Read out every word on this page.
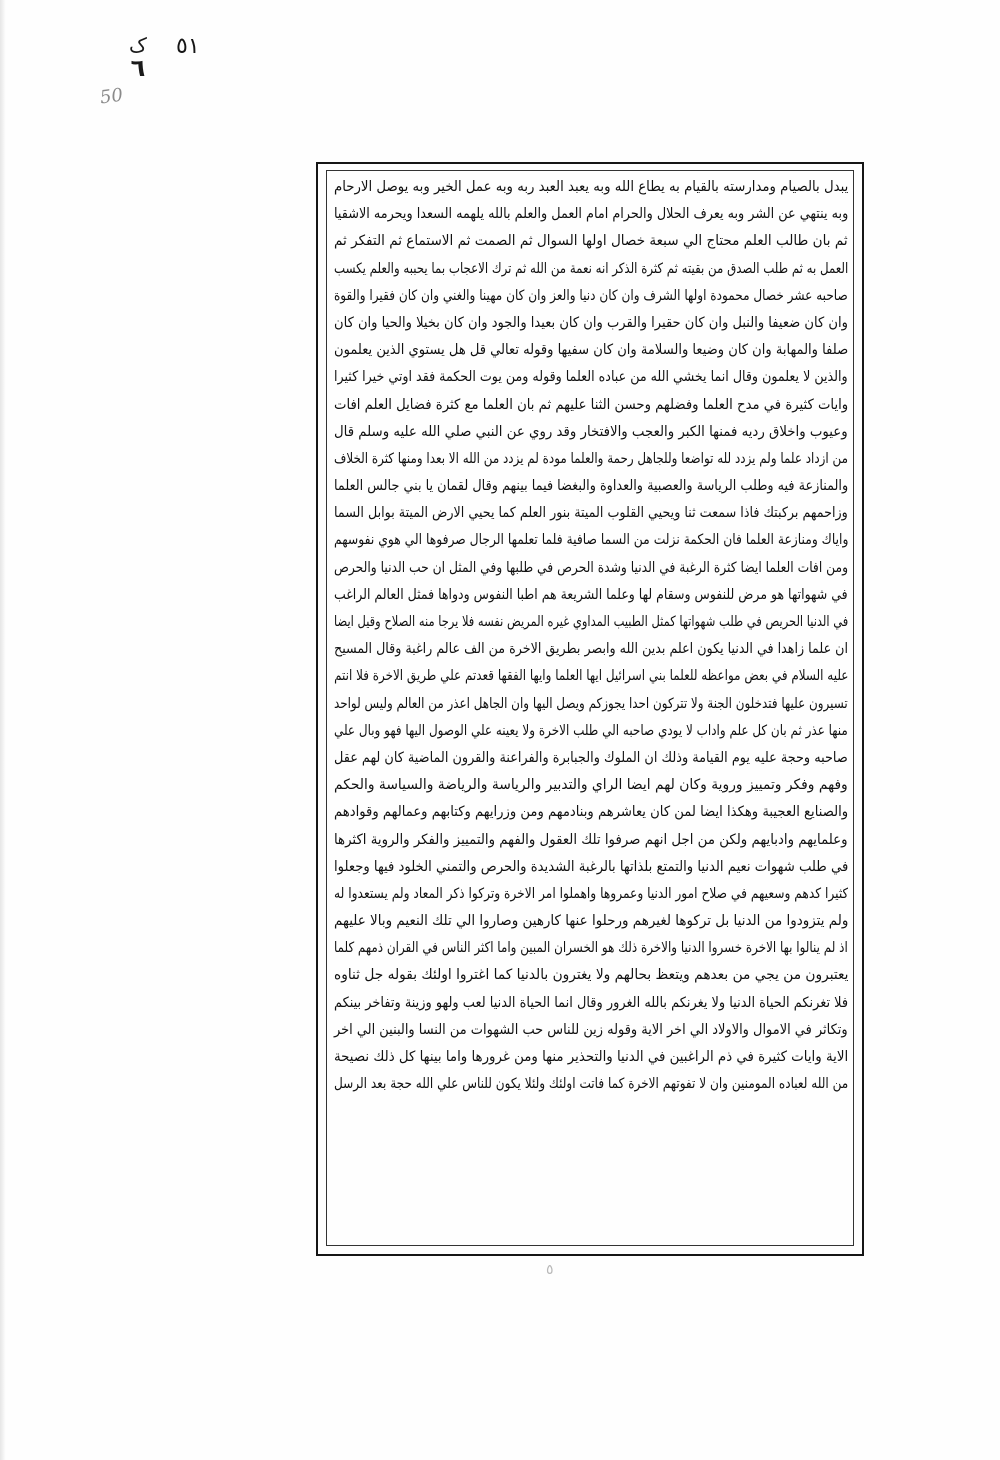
٥١
ک
٦
50
يبدل بالصيام ومدارسته بالقيام به يطاع الله وبه يعبد العبد ربه وبه عمل الخير وبه يوصل الارحام
وبه ينتهي عن الشر وبه يعرف الحلال والحرام امام العمل والعلم بالله يلهمه السعدا ويحرمه الاشقيا
ثم بان طالب العلم محتاج الي سبعة خصال اولها السوال ثم الصمت ثم الاستماع ثم التفكر ثم
العمل به ثم طلب الصدق من بقيته ثم كثرة الذكر انه نعمة من الله ثم ترك الاعجاب بما يحببه والعلم يكسب
صاحبه عشر خصال محمودة اولها الشرف وان كان دنيا والعز وان كان مهينا والغني وان كان فقيرا والقوة
وان كان ضعيفا والنبل وان كان حقيرا والقرب وان كان بعيدا والجود وان كان بخيلا والحيا وان كان
صلفا والمهابة وان كان وضيعا والسلامة وان كان سفيها وقوله تعالي قل هل يستوي الذين يعلمون
والذين لا يعلمون وقال انما يخشي الله من عباده العلما وقوله ومن يوت الحكمة فقد اوتي خيرا كثيرا
وايات كثيرة في مدح العلما وفضلهم وحسن الثنا عليهم ثم بان العلما مع كثرة فضايل العلم افات
وعيوب واخلاق رديه فمنها الكبر والعجب والافتخار وقد روي عن النبي صلي الله عليه وسلم قال
من ازداد علما ولم يزدد لله تواضعا وللجاهل رحمة والعلما مودة لم يزدد من الله الا بعدا ومنها كثرة الخلاف
والمنازعة فيه وطلب الرياسة والعصبية والعداوة والبغضا فيما بينهم وقال لقمان يا بني جالس العلما
وزاحمهم بركبتك فاذا سمعت ثنا ويحيي القلوب الميتة بنور العلم كما يحيي الارض الميتة بوابل السما
واياك ومنازعة العلما فان الحكمة نزلت من السما صافية فلما تعلمها الرجال صرفوها الي هوي نفوسهم
ومن افات العلما ايضا كثرة الرغبة في الدنيا وشدة الحرص في طلبها وفي المثل ان حب الدنيا والحرص
في شهواتها هو مرض للنفوس وسقام لها وعلما الشريعة هم اطبا النفوس ودواها فمثل العالم الراغب
في الدنيا الحريص في طلب شهواتها كمثل الطبيب المداوي غيره المريض نفسه فلا يرجا منه الصلاح وقيل ايضا
ان علما زاهدا في الدنيا يكون اعلم بدين الله وابصر بطريق الاخرة من الف عالم راغبة وقال المسيح
عليه السلام في بعض مواعظه للعلما بني اسرائيل ايها العلما وايها الفقها قعدتم علي طريق الاخرة فلا انتم
تسيرون عليها فتدخلون الجنة ولا تتركون احدا يجوزكم ويصل اليها وان الجاهل اعذر من العالم وليس لواحد
منها عذر ثم بان كل علم واداب لا يودي صاحبه الي طلب الاخرة ولا يعينه علي الوصول اليها فهو وبال علي
صاحبه وحجة عليه يوم القيامة وذلك ان الملوك والجبابرة والفراعنة والقرون الماضية كان لهم عقل
وفهم وفكر وتمييز وروية وكان لهم ايضا الراي والتدبير والرياسة والرياضة والسياسة والحكم
والصنايع العجيبة وهكذا ايضا لمن كان يعاشرهم وبنادمهم ومن وزرايهم وكتابهم وعمالهم وقوادهم
وعلمايهم وادبايهم ولكن من اجل انهم صرفوا تلك العقول والفهم والتمييز والفكر والروية اكثرها
في طلب شهوات نعيم الدنيا والتمتع بلذاتها بالرغبة الشديدة والحرص والتمني الخلود فيها وجعلوا
كثيرا كدهم وسعيهم في صلاح امور الدنيا وعمروها واهملوا امر الاخرة وتركوا ذكر المعاد ولم يستعدوا له
ولم يتزودوا من الدنيا بل تركوها لغيرهم ورحلوا عنها كارهين وصاروا الي تلك النعيم وبالا عليهم
اذ لم ينالوا بها الاخرة خسروا الدنيا والاخرة ذلك هو الخسران المبين واما اكثر الناس في القران ذمهم كلما
يعتبرون من يجي من بعدهم ويتعظ بحالهم ولا يغترون بالدنيا كما اغتروا اولئك بقوله جل ثناوه
فلا تغرنكم الحياة الدنيا ولا يغرنكم بالله الغرور وقال انما الحياة الدنيا لعب ولهو وزينة وتفاخر بينكم
وتكاثر في الاموال والاولاد الي اخر الاية وقوله زين للناس حب الشهوات من النسا والبنين الي اخر
الاية وايات كثيرة في ذم الراغبين في الدنيا والتحذير منها ومن غرورها واما بينها كل ذلك نصيحة
من الله لعباده المومنين وان لا تفوتهم الاخرة كما فاتت اولئك ولئلا يكون للناس علي الله حجة بعد الرسل
٥
